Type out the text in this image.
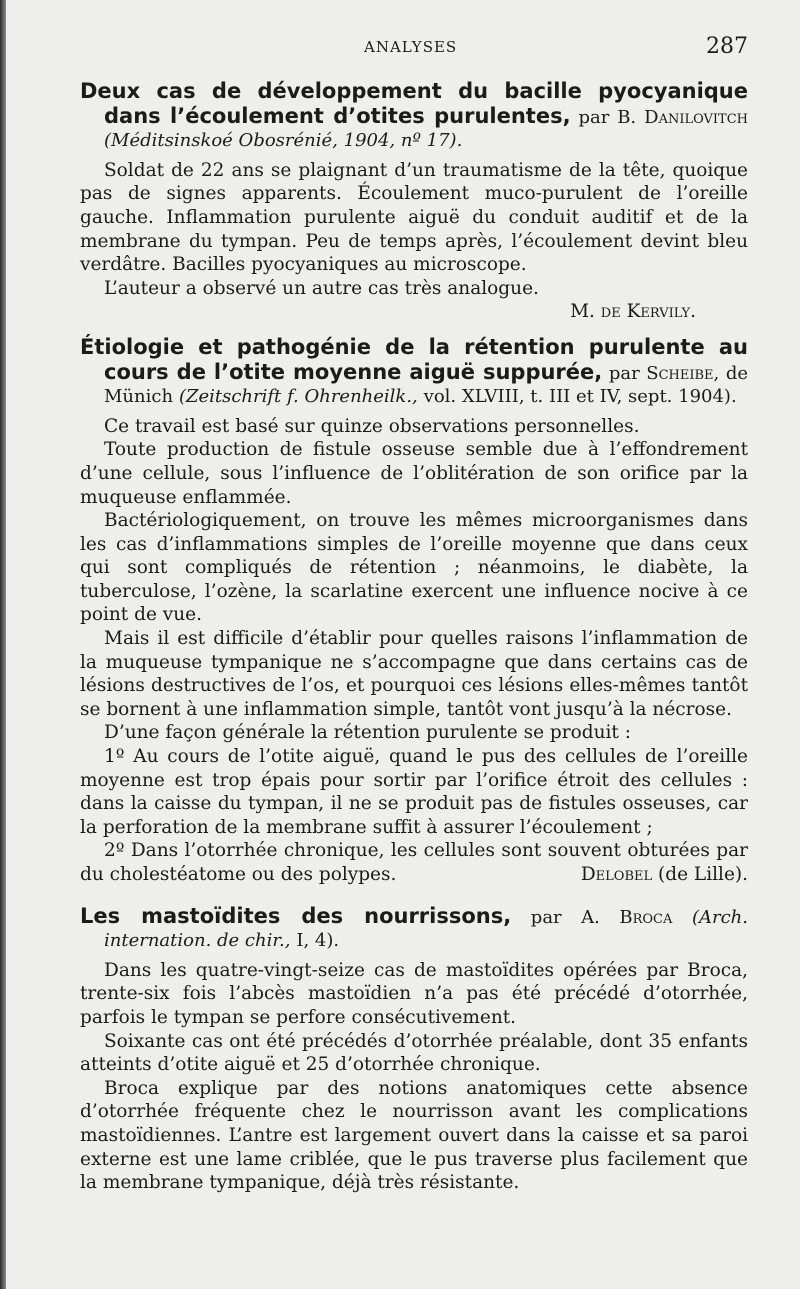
ANALYSES	287
Deux cas de développement du bacille pyocyanique dans l’écoulement d’otites purulentes, par B. Danilovitch (Méditsinskoé Obosrénié, 1904, nº 17).

Soldat de 22 ans se plaignant d’un traumatisme de la tête, quoique pas de signes apparents. Écoulement muco-purulent de l’oreille gauche. Inflammation purulente aiguë du conduit auditif et de la membrane du tympan. Peu de temps après, l’écoulement devint bleu verdâtre. Bacilles pyocyaniques au microscope.

L’auteur a observé un autre cas très analogue.

M. de Kervily.

Étiologie et pathogénie de la rétention purulente au cours de l’otite moyenne aiguë suppurée, par Scheibe, de Münich (Zeitschrift f. Ohrenheilk., vol. XLVIII, t. III et IV, sept. 1904).

Ce travail est basé sur quinze observations personnelles.

Toute production de fistule osseuse semble due à l’effondrement d’une cellule, sous l’influence de l’oblitération de son orifice par la muqueuse enflammée.

Bactériologiquement, on trouve les mêmes microorganismes dans les cas d’inflammations simples de l’oreille moyenne que dans ceux qui sont compliqués de rétention ; néanmoins, le diabète, la tuberculose, l’ozène, la scarlatine exercent une influence nocive à ce point de vue.

Mais il est difficile d’établir pour quelles raisons l’inflammation de la muqueuse tympanique ne s’accompagne que dans certains cas de lésions destructives de l’os, et pourquoi ces lésions elles-mêmes tantôt se bornent à une inflammation simple, tantôt vont jusqu’à la nécrose.

D’une façon générale la rétention purulente se produit :

1º Au cours de l’otite aiguë, quand le pus des cellules de l’oreille moyenne est trop épais pour sortir par l’orifice étroit des cellules : dans la caisse du tympan, il ne se produit pas de fistules osseuses, car la perforation de la membrane suffit à assurer l’écoulement ;

2º Dans l’otorrhée chronique, les cellules sont souvent obturées par du cholestéatome ou des polypes.	Delobel (de Lille).

Les mastoïdites des nourrissons, par A. Broca (Arch. internation. de chir., I, 4).

Dans les quatre-vingt-seize cas de mastoïdites opérées par Broca, trente-six fois l’abcès mastoïdien n’a pas été précédé d’otorrhée, parfois le tympan se perfore consécutivement.

Soixante cas ont été précédés d’otorrhée préalable, dont 35 enfants atteints d’otite aiguë et 25 d’otorrhée chronique.

Broca explique par des notions anatomiques cette absence d’otorrhée fréquente chez le nourrisson avant les complications mastoïdiennes. L’antre est largement ouvert dans la caisse et sa paroi externe est une lame criblée, que le pus traverse plus facilement que la membrane tympanique, déjà très résistante.
